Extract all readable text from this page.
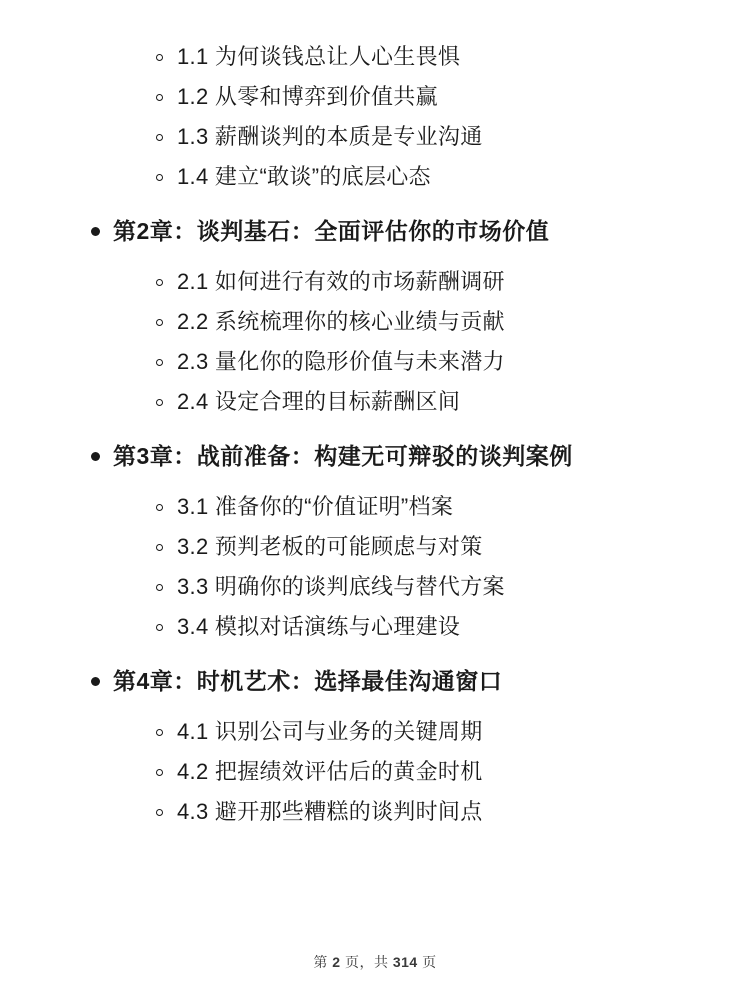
1.1 为何谈钱总让人心生畏惧
1.2 从零和博弈到价值共赢
1.3 薪酬谈判的本质是专业沟通
1.4 建立“敢谈”的底层心态
第2章：谈判基石：全面评估你的市场价值
2.1 如何进行有效的市场薪酬调研
2.2 系统梳理你的核心业绩与贡献
2.3 量化你的隐形价值与未来潜力
2.4 设定合理的目标薪酬区间
第3章：战前准备：构建无可辩驳的谈判案例
3.1 准备你的“价值证明”档案
3.2 预判老板的可能顾虑与对策
3.3 明确你的谈判底线与替代方案
3.4 模拟对话演练与心理建设
第4章：时机艺术：选择最佳沟通窗口
4.1 识别公司与业务的关键周期
4.2 把握绩效评估后的黄金时机
4.3 避开那些糟糕的谈判时间点
第 2 页，共 314 页
